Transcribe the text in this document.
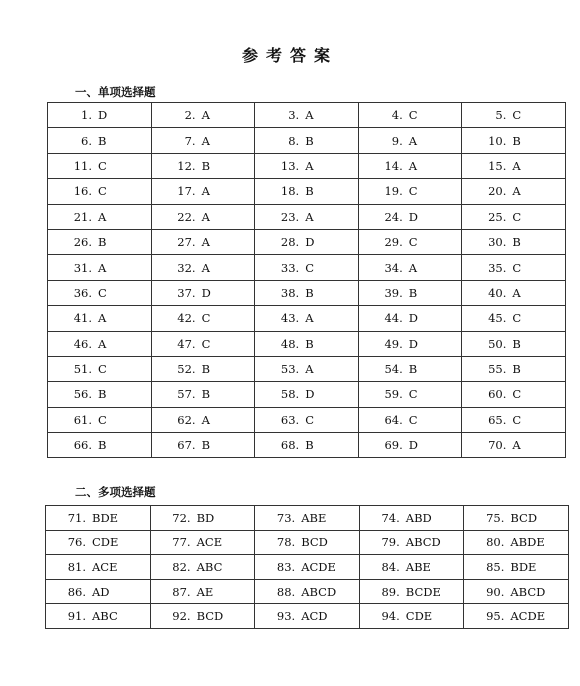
参考答案
一、单项选择题
1. D	2. A	3. A	4. C	5. C
6. B	7. A	8. B	9. A	10. B
11. C	12. B	13. A	14. A	15. A
16. C	17. A	18. B	19. C	20. A
21. A	22. A	23. A	24. D	25. C
26. B	27. A	28. D	29. C	30. B
31. A	32. A	33. C	34. A	35. C
36. C	37. D	38. B	39. B	40. A
41. A	42. C	43. A	44. D	45. C
46. A	47. C	48. B	49. D	50. B
51. C	52. B	53. A	54. B	55. B
56. B	57. B	58. D	59. C	60. C
61. C	62. A	63. C	64. C	65. C
66. B	67. B	68. B	69. D	70. A
二、多项选择题
71. BDE	72. BD	73. ABE	74. ABD	75. BCD
76. CDE	77. ACE	78. BCD	79. ABCD	80. ABDE
81. ACE	82. ABC	83. ACDE	84. ABE	85. BDE
86. AD	87. AE	88. ABCD	89. BCDE	90. ABCD
91. ABC	92. BCD	93. ACD	94. CDE	95. ACDE
